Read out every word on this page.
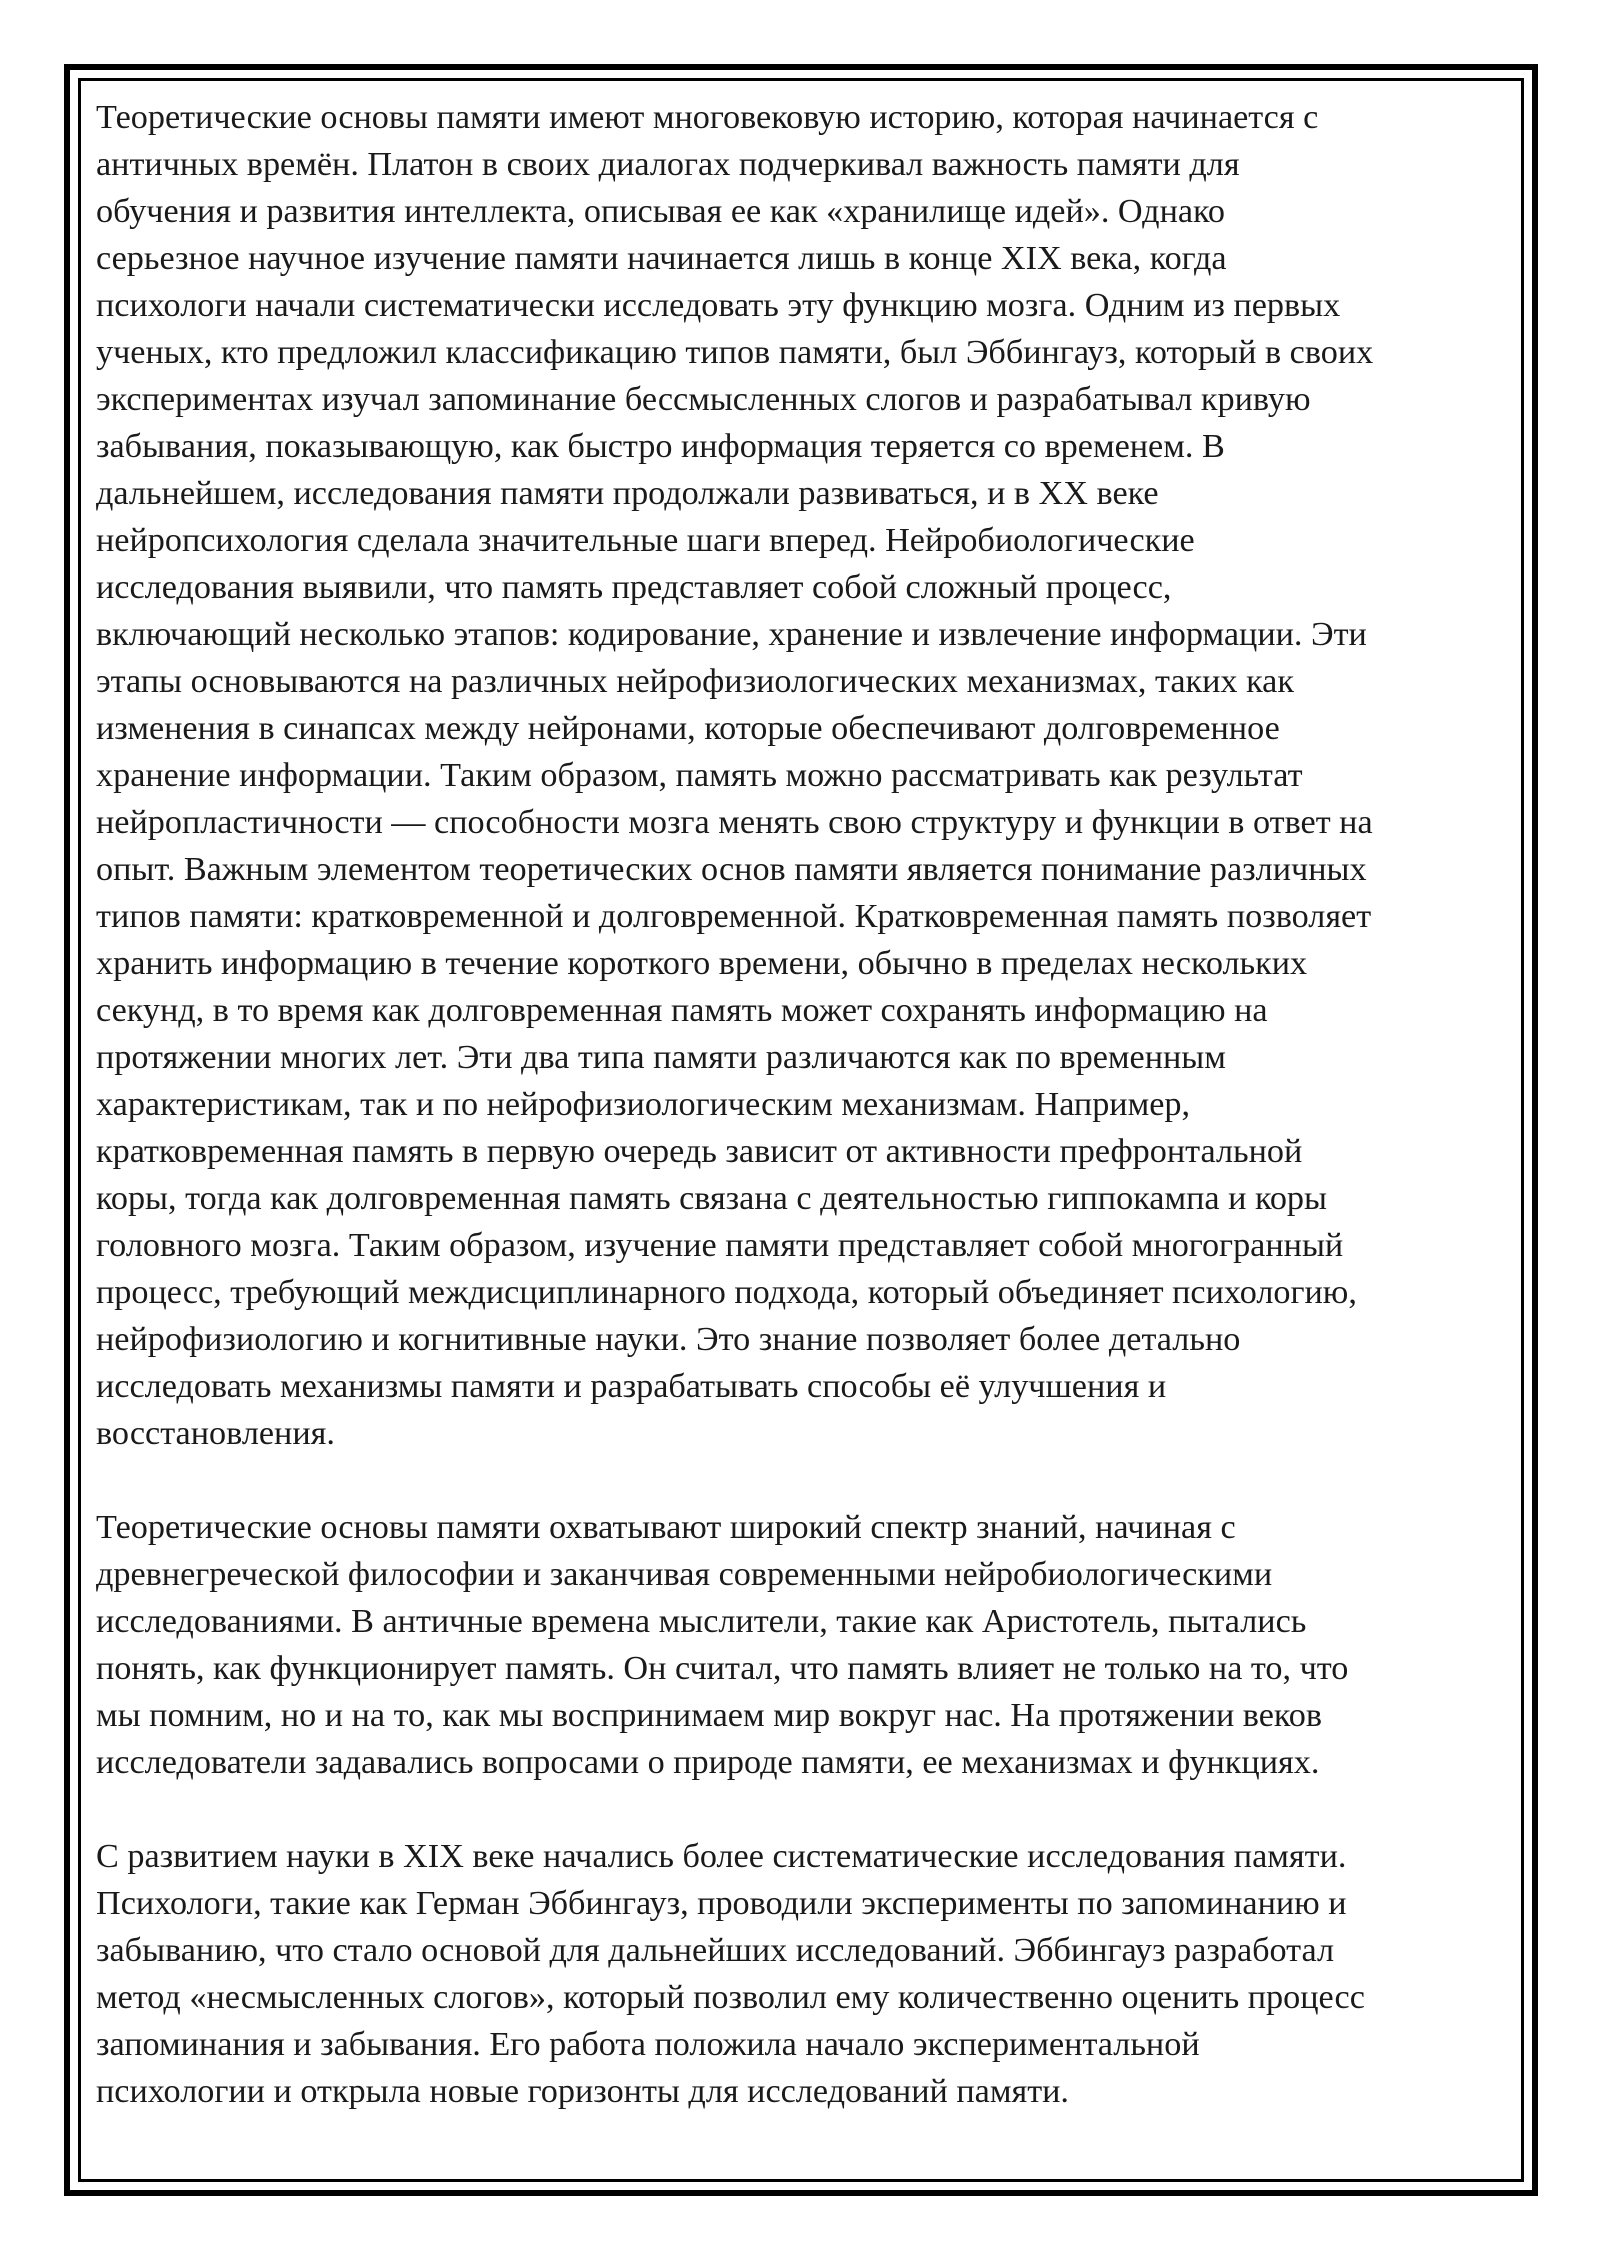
Теоретические основы памяти имеют многовековую историю, которая начинается с
античных времён. Платон в своих диалогах подчеркивал важность памяти для
обучения и развития интеллекта, описывая ее как «хранилище идей». Однако
серьезное научное изучение памяти начинается лишь в конце XIX века, когда
психологи начали систематически исследовать эту функцию мозга. Одним из первых
ученых, кто предложил классификацию типов памяти, был Эббингауз, который в своих
экспериментах изучал запоминание бессмысленных слогов и разрабатывал кривую
забывания, показывающую, как быстро информация теряется со временем. В
дальнейшем, исследования памяти продолжали развиваться, и в XX веке
нейропсихология сделала значительные шаги вперед. Нейробиологические
исследования выявили, что память представляет собой сложный процесс,
включающий несколько этапов: кодирование, хранение и извлечение информации. Эти
этапы основываются на различных нейрофизиологических механизмах, таких как
изменения в синапсах между нейронами, которые обеспечивают долговременное
хранение информации. Таким образом, память можно рассматривать как результат
нейропластичности — способности мозга менять свою структуру и функции в ответ на
опыт. Важным элементом теоретических основ памяти является понимание различных
типов памяти: кратковременной и долговременной. Кратковременная память позволяет
хранить информацию в течение короткого времени, обычно в пределах нескольких
секунд, в то время как долговременная память может сохранять информацию на
протяжении многих лет. Эти два типа памяти различаются как по временным
характеристикам, так и по нейрофизиологическим механизмам. Например,
кратковременная память в первую очередь зависит от активности префронтальной
коры, тогда как долговременная память связана с деятельностью гиппокампа и коры
головного мозга. Таким образом, изучение памяти представляет собой многогранный
процесс, требующий междисциплинарного подхода, который объединяет психологию,
нейрофизиологию и когнитивные науки. Это знание позволяет более детально
исследовать механизмы памяти и разрабатывать способы её улучшения и
восстановления.

Теоретические основы памяти охватывают широкий спектр знаний, начиная с
древнегреческой философии и заканчивая современными нейробиологическими
исследованиями. В античные времена мыслители, такие как Аристотель, пытались
понять, как функционирует память. Он считал, что память влияет не только на то, что
мы помним, но и на то, как мы воспринимаем мир вокруг нас. На протяжении веков
исследователи задавались вопросами о природе памяти, ее механизмах и функциях.

С развитием науки в XIX веке начались более систематические исследования памяти.
Психологи, такие как Герман Эббингауз, проводили эксперименты по запоминанию и
забыванию, что стало основой для дальнейших исследований. Эббингауз разработал
метод «несмысленных слогов», который позволил ему количественно оценить процесс
запоминания и забывания. Его работа положила начало экспериментальной
психологии и открыла новые горизонты для исследований памяти.
